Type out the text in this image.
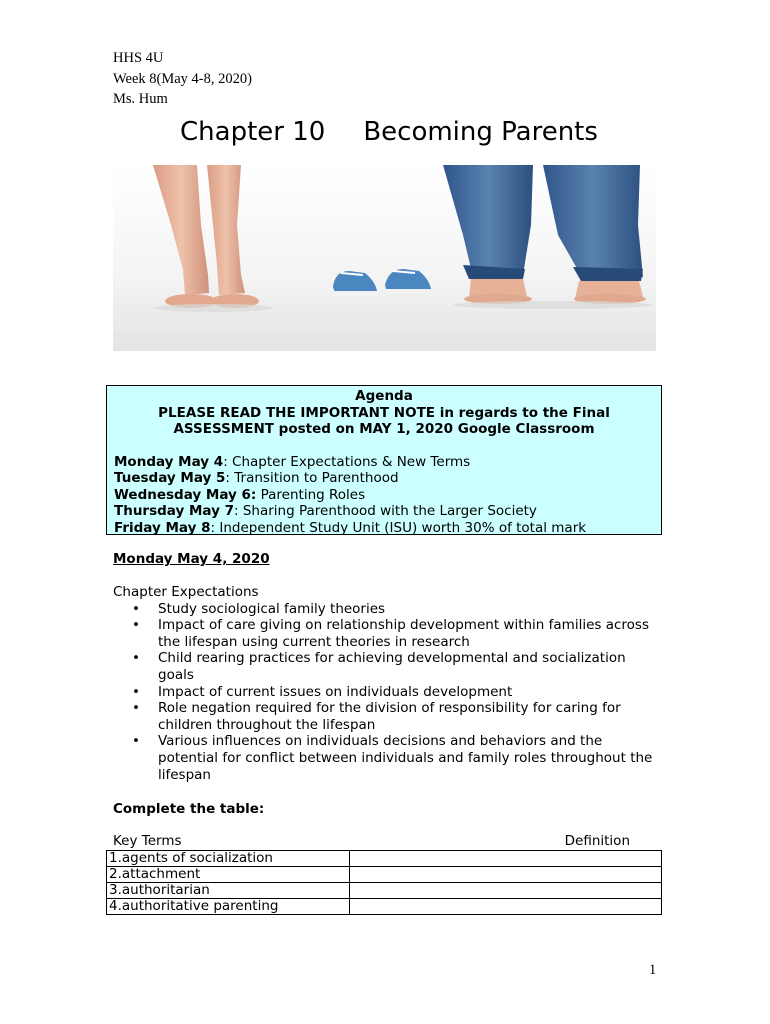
HHS 4U
Week 8(May 4-8, 2020)
Ms. Hum
Chapter 10 Becoming Parents
Agenda
PLEASE READ THE IMPORTANT NOTE in regards to the Final
ASSESSMENT posted on MAY 1, 2020 Google Classroom
Monday May 4: Chapter Expectations & New Terms
Tuesday May 5: Transition to Parenthood
Wednesday May 6: Parenting Roles
Thursday May 7: Sharing Parenthood with the Larger Society
Friday May 8: Independent Study Unit (ISU) worth 30% of total mark
Monday May 4, 2020
Chapter Expectations
• Study sociological family theories
• Impact of care giving on relationship development within families across the lifespan using current theories in research
• Child rearing practices for achieving developmental and socialization goals
• Impact of current issues on individuals development
• Role negation required for the division of responsibility for caring for children throughout the lifespan
• Various influences on individuals decisions and behaviors and the potential for conflict between individuals and family roles throughout the lifespan
Complete the table:
Key Terms	Definition
1.agents of socialization	
2.attachment	
3.authoritarian	
4.authoritative parenting	
1
